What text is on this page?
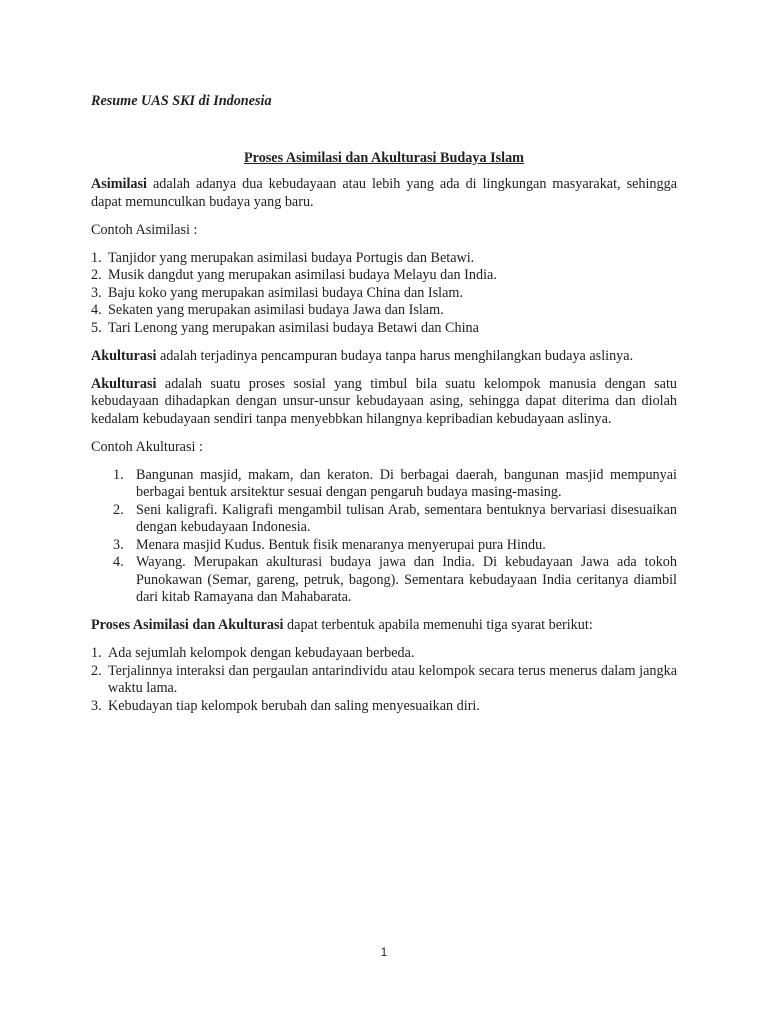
Resume UAS SKI di Indonesia

Proses Asimilasi dan Akulturasi Budaya Islam

Asimilasi adalah adanya dua kebudayaan atau lebih yang ada di lingkungan masyarakat, sehingga dapat memunculkan budaya yang baru.

Contoh Asimilasi :

1. Tanjidor yang merupakan asimilasi budaya Portugis dan Betawi.
2. Musik dangdut yang merupakan asimilasi budaya Melayu dan India.
3. Baju koko yang merupakan asimilasi budaya China dan Islam.
4. Sekaten yang merupakan asimilasi budaya Jawa dan Islam.
5. Tari Lenong yang merupakan asimilasi budaya Betawi dan China

Akulturasi adalah terjadinya pencampuran budaya tanpa harus menghilangkan budaya aslinya.

Akulturasi adalah suatu proses sosial yang timbul bila suatu kelompok manusia dengan satu kebudayaan dihadapkan dengan unsur-unsur kebudayaan asing, sehingga dapat diterima dan diolah kedalam kebudayaan sendiri tanpa menyebbkan hilangnya kepribadian kebudayaan aslinya.

Contoh Akulturasi :

1. Bangunan masjid, makam, dan keraton. Di berbagai daerah, bangunan masjid mempunyai berbagai bentuk arsitektur sesuai dengan pengaruh budaya masing-masing.
2. Seni kaligrafi. Kaligrafi mengambil tulisan Arab, sementara bentuknya bervariasi disesuaikan dengan kebudayaan Indonesia.
3. Menara masjid Kudus. Bentuk fisik menaranya menyerupai pura Hindu.
4. Wayang. Merupakan akulturasi budaya jawa dan India. Di kebudayaan Jawa ada tokoh Punokawan (Semar, gareng, petruk, bagong). Sementara kebudayaan India ceritanya diambil dari kitab Ramayana dan Mahabarata.

Proses Asimilasi dan Akulturasi dapat terbentuk apabila memenuhi tiga syarat berikut:

1. Ada sejumlah kelompok dengan kebudayaan berbeda.
2. Terjalinnya interaksi dan pergaulan antarindividu atau kelompok secara terus menerus dalam jangka waktu lama.
3. Kebudayan tiap kelompok berubah dan saling menyesuaikan diri.

1
